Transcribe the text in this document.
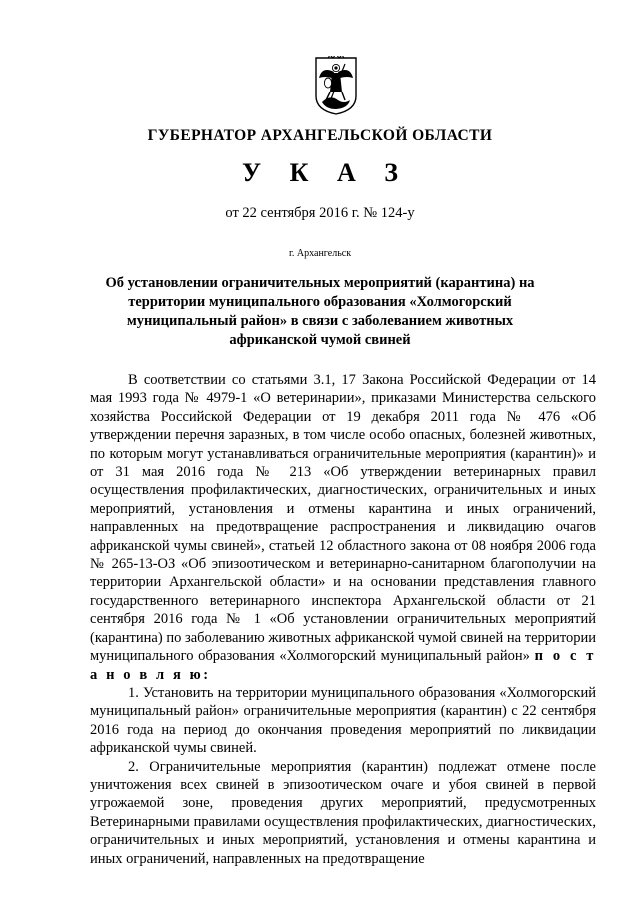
ГУБЕРНАТОР АРХАНГЕЛЬСКОЙ ОБЛАСТИ
У К А З
от 22 сентября 2016 г. № 124-у
г. Архангельск
Об установлении ограничительных мероприятий (карантина) на территории муниципального образования «Холмогорский муниципальный район» в связи с заболеванием животных африканской чумой свиней

В соответствии со статьями 3.1, 17 Закона Российской Федерации от 14 мая 1993 года № 4979-1 «О ветеринарии», приказами Министерства сельского хозяйства Российской Федерации от 19 декабря 2011 года № 476 «Об утверждении перечня заразных, в том числе особо опасных, болезней животных, по которым могут устанавливаться ограничительные мероприятия (карантин)» и от 31 мая 2016 года № 213 «Об утверждении ветеринарных правил осуществления профилактических, диагностических, ограничительных и иных мероприятий, установления и отмены карантина и иных ограничений, направленных на предотвращение распространения и ликвидацию очагов африканской чумы свиней», статьей 12 областного закона от 08 ноября 2006 года № 265-13-ОЗ «Об эпизоотическом и ветеринарно-санитарном благополучии на территории Архангельской области» и на основании представления главного государственного ветеринарного инспектора Архангельской области от 21 сентября 2016 года № 1 «Об установлении ограничительных мероприятий (карантина) по заболеванию животных африканской чумой свиней на территории муниципального образования «Холмогорский муниципальный район» п о с т а н о в л я ю:

1. Установить на территории муниципального образования «Холмогорский муниципальный район» ограничительные мероприятия (карантин) с 22 сентября 2016 года на период до окончания проведения мероприятий по ликвидации африканской чумы свиней.

2. Ограничительные мероприятия (карантин) подлежат отмене после уничтожения всех свиней в эпизоотическом очаге и убоя свиней в первой угрожаемой зоне, проведения других мероприятий, предусмотренных Ветеринарными правилами осуществления профилактических, диагностических, ограничительных и иных мероприятий, установления и отмены карантина и иных ограничений, направленных на предотвращение
